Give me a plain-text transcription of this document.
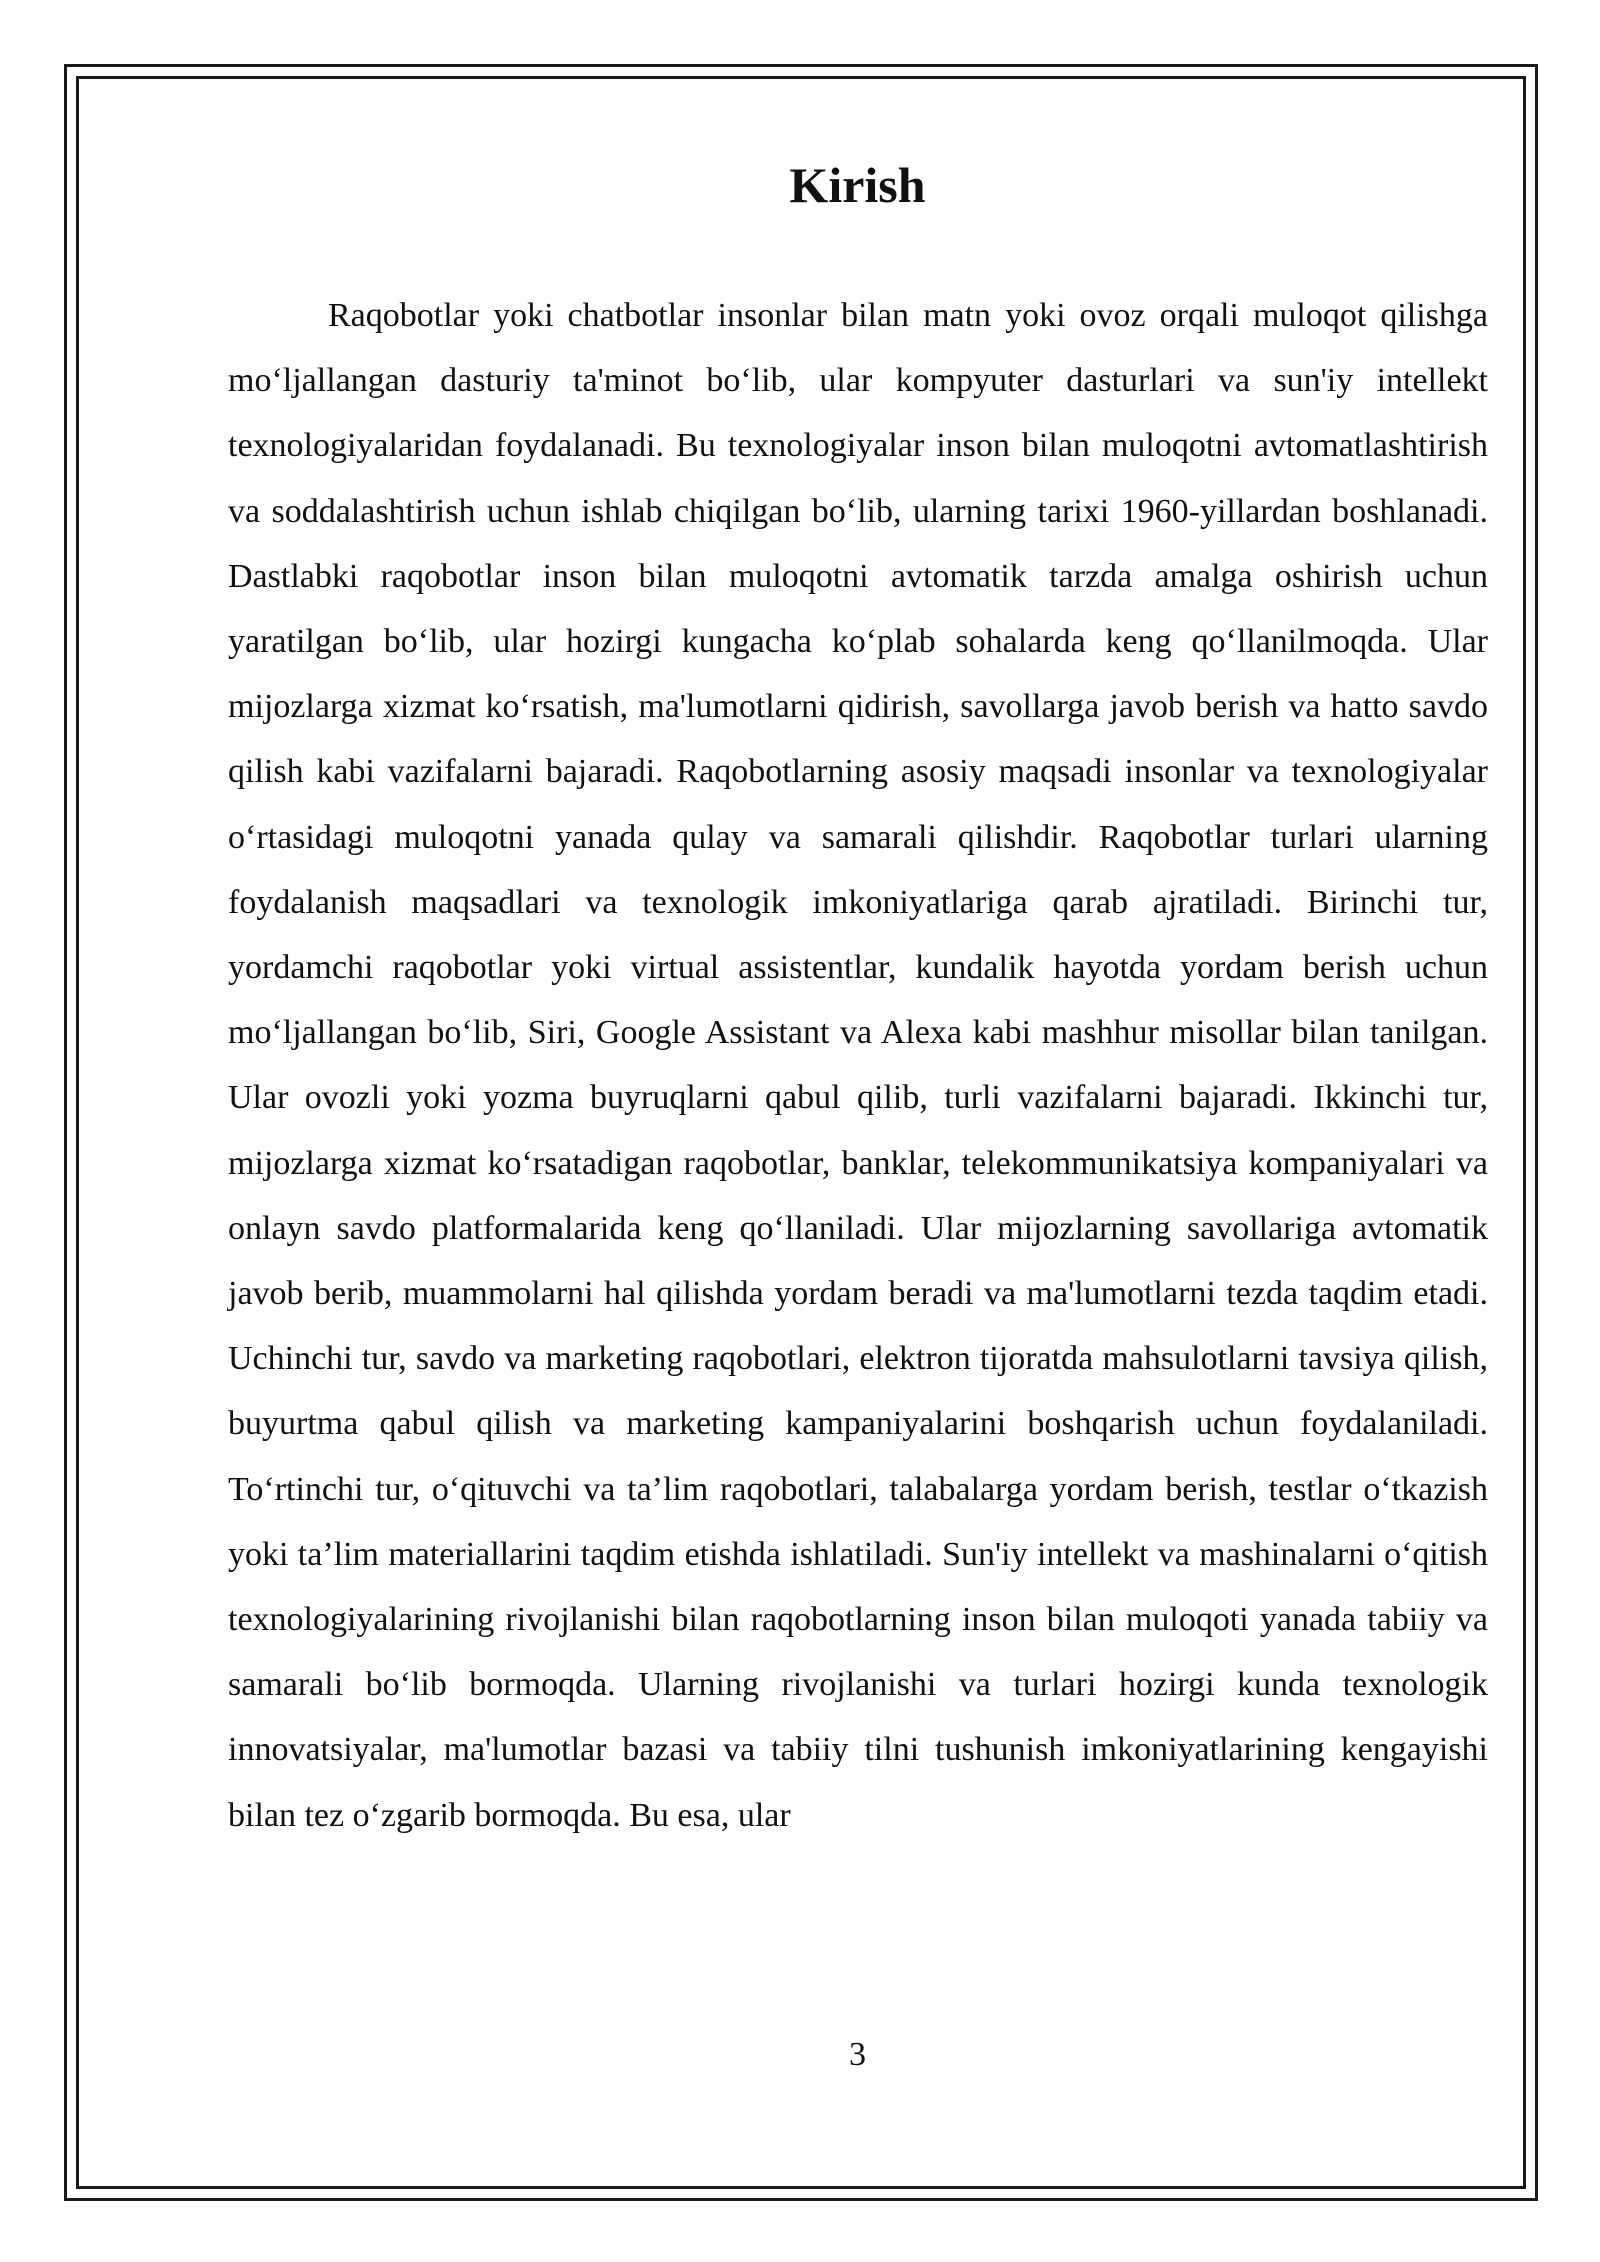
Kirish

Raqobotlar yoki chatbotlar insonlar bilan matn yoki ovoz orqali muloqot qilishga mo‘ljallangan dasturiy ta'minot bo‘lib, ular kompyuter dasturlari va sun'iy intellekt texnologiyalaridan foydalanadi. Bu texnologiyalar inson bilan muloqotni avtomatlashtirish va soddalashtirish uchun ishlab chiqilgan bo‘lib, ularning tarixi 1960-yillardan boshlanadi. Dastlabki raqobotlar inson bilan muloqotni avtomatik tarzda amalga oshirish uchun yaratilgan bo‘lib, ular hozirgi kungacha ko‘plab sohalarda keng qo‘llanilmoqda. Ular mijozlarga xizmat ko‘rsatish, ma'lumotlarni qidirish, savollarga javob berish va hatto savdo qilish kabi vazifalarni bajaradi. Raqobotlarning asosiy maqsadi insonlar va texnologiyalar o‘rtasidagi muloqotni yanada qulay va samarali qilishdir. Raqobotlar turlari ularning foydalanish maqsadlari va texnologik imkoniyatlariga qarab ajratiladi. Birinchi tur, yordamchi raqobotlar yoki virtual assistentlar, kundalik hayotda yordam berish uchun mo‘ljallangan bo‘lib, Siri, Google Assistant va Alexa kabi mashhur misollar bilan tanilgan. Ular ovozli yoki yozma buyruqlarni qabul qilib, turli vazifalarni bajaradi. Ikkinchi tur, mijozlarga xizmat ko‘rsatadigan raqobotlar, banklar, telekommunikatsiya kompaniyalari va onlayn savdo platformalarida keng qo‘llaniladi. Ular mijozlarning savollariga avtomatik javob berib, muammolarni hal qilishda yordam beradi va ma'lumotlarni tezda taqdim etadi. Uchinchi tur, savdo va marketing raqobotlari, elektron tijoratda mahsulotlarni tavsiya qilish, buyurtma qabul qilish va marketing kampaniyalarini boshqarish uchun foydalaniladi. To‘rtinchi tur, o‘qituvchi va ta’lim raqobotlari, talabalarga yordam berish, testlar o‘tkazish yoki ta’lim materiallarini taqdim etishda ishlatiladi. Sun'iy intellekt va mashinalarni o‘qitish texnologiyalarining rivojlanishi bilan raqobotlarning inson bilan muloqoti yanada tabiiy va samarali bo‘lib bormoqda. Ularning rivojlanishi va turlari hozirgi kunda texnologik innovatsiyalar, ma'lumotlar bazasi va tabiiy tilni tushunish imkoniyatlarining kengayishi bilan tez o‘zgarib bormoqda. Bu esa, ular

3
